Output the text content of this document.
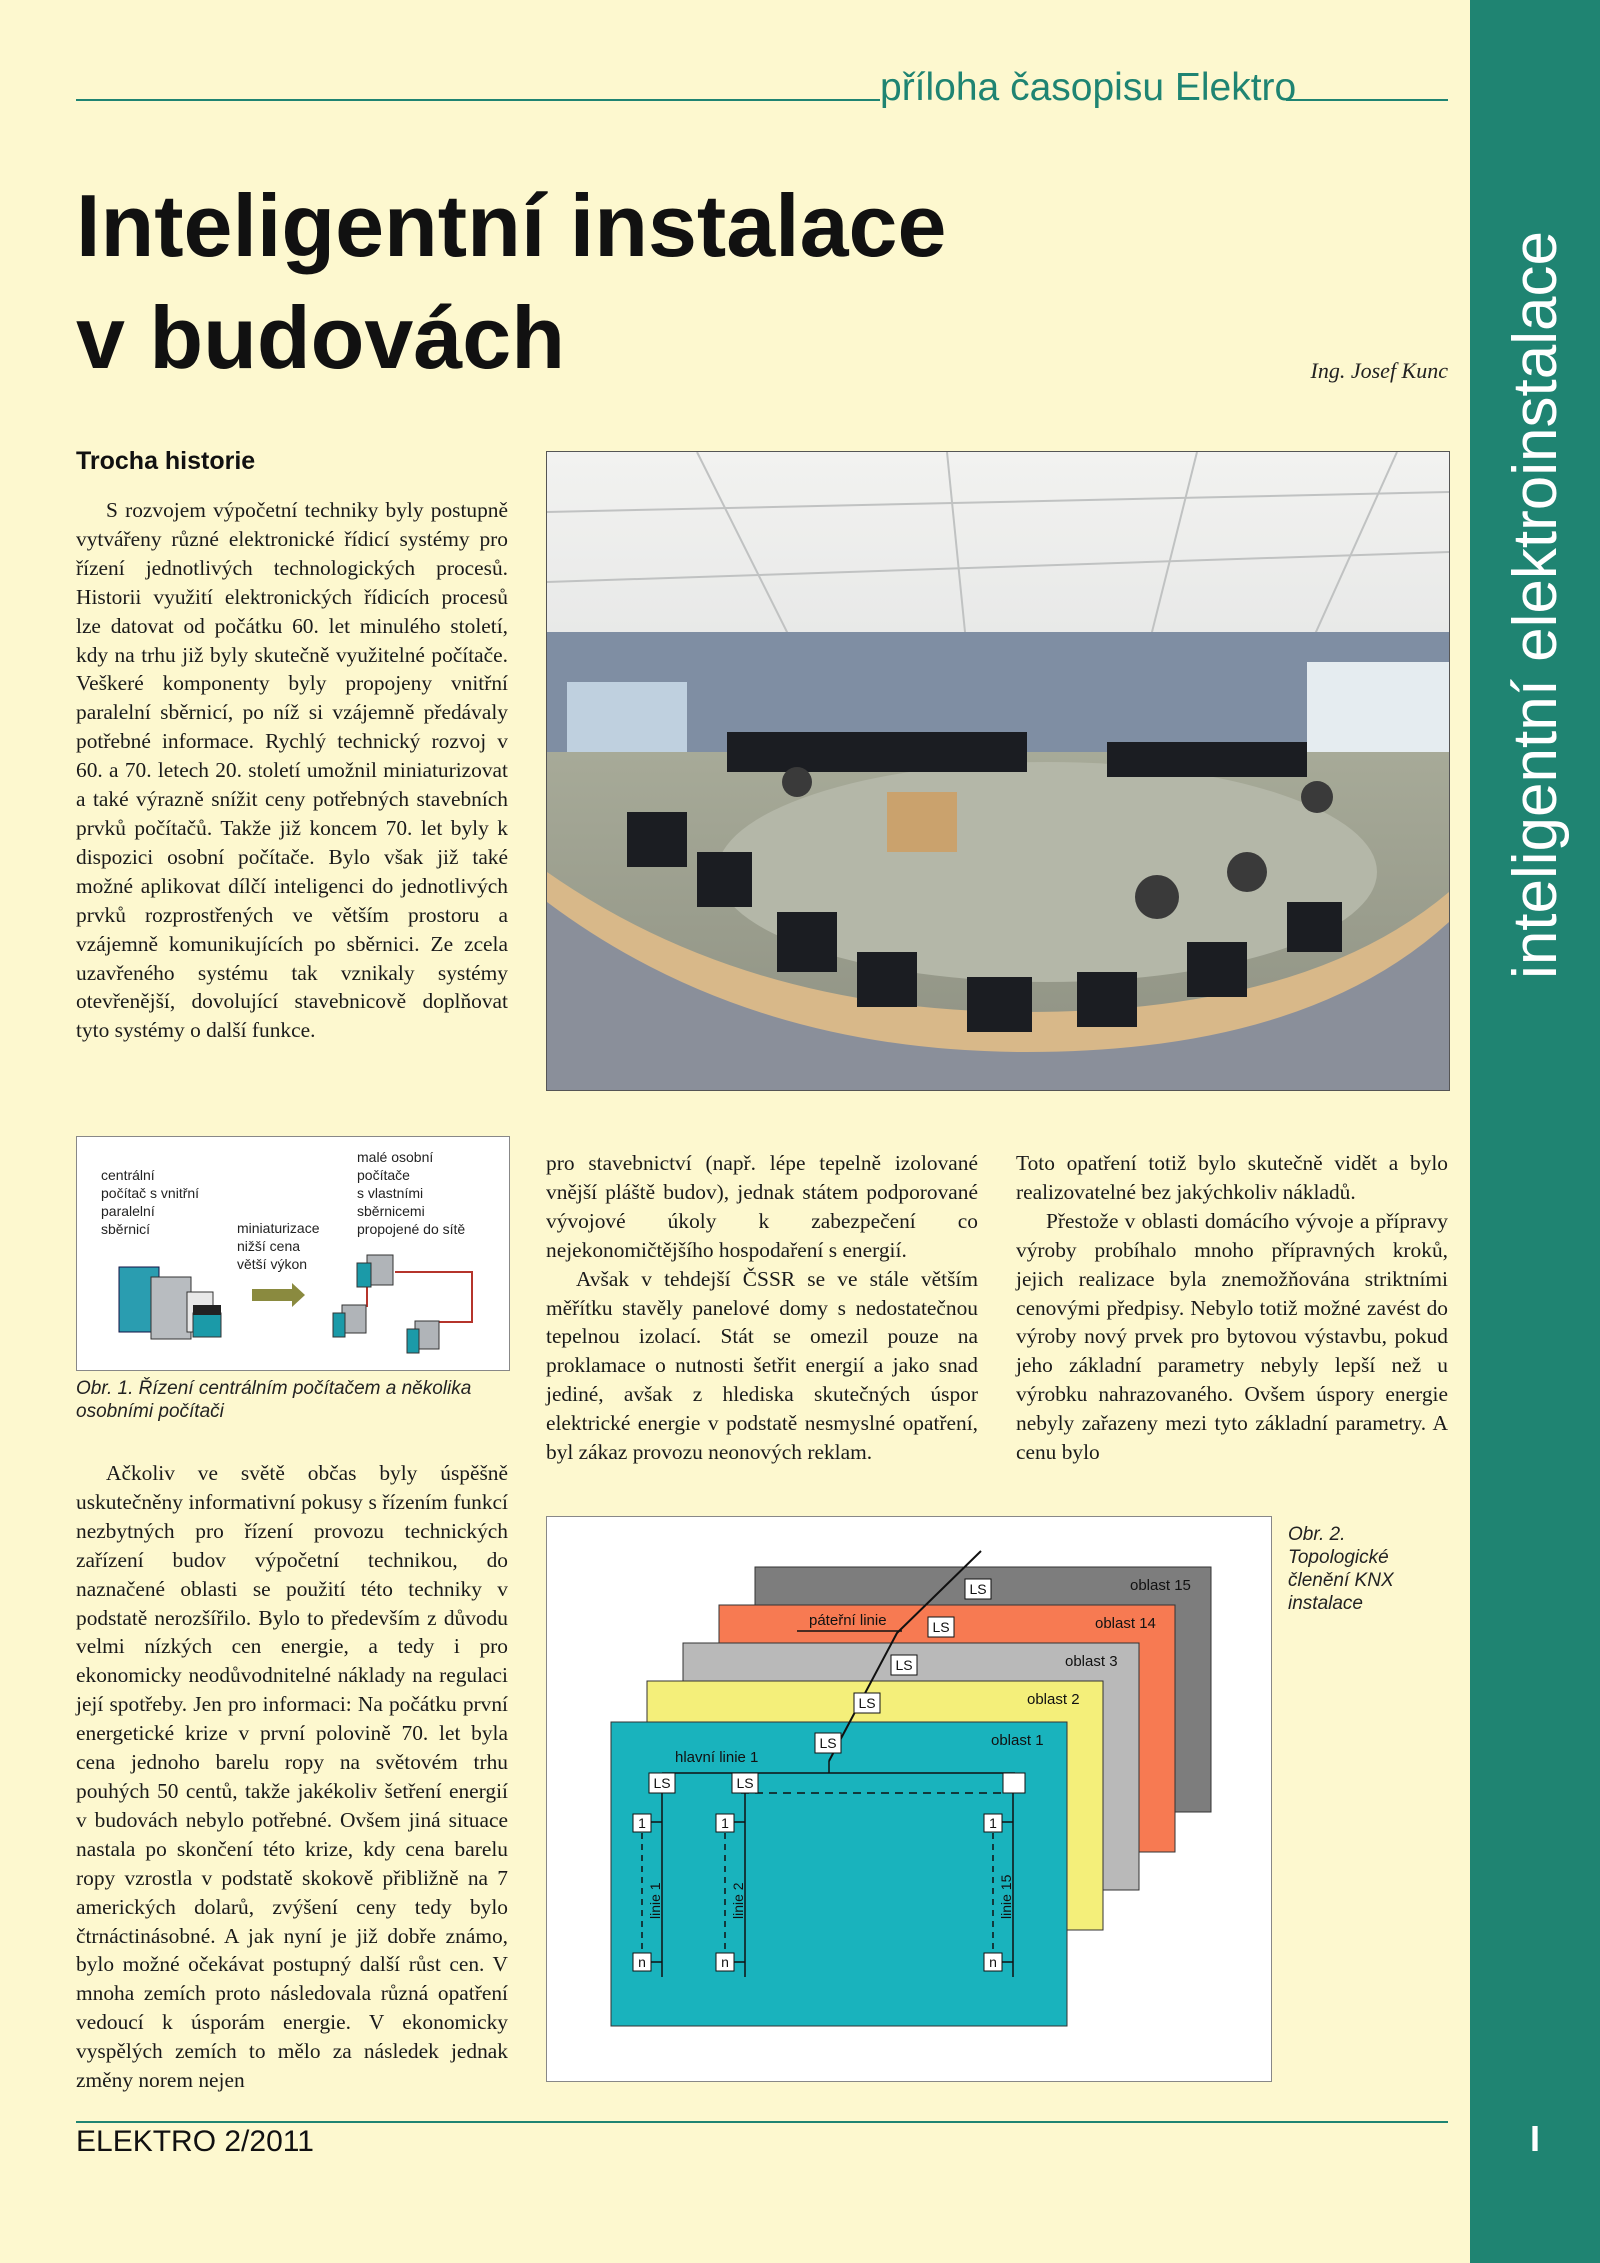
inteligentní elektroinstalace
I
příloha časopisu Elektro
Inteligentní instalace
v budovách	Ing. Josef Kunc
Trocha historie

S rozvojem výpočetní techniky byly postupně vytvářeny různé elektronické řídicí systémy pro řízení jednotlivých technologických procesů. Historii využití elektronických řídicích procesů lze datovat od počátku 60. let minulého století, kdy na trhu již byly skutečně využitelné počítače. Veškeré komponenty byly propojeny vnitřní paralelní sběrnicí, po níž si vzájemně předávaly potřebné informace. Rychlý technický rozvoj v 60. a 70. letech 20. století umožnil miniaturizovat a také výrazně snížit ceny potřebných stavebních prvků počítačů. Takže již koncem 70. let byly k dispozici osobní počítače. Bylo však již také možné aplikovat dílčí inteligenci do jednotlivých prvků rozprostřených ve větším prostoru a vzájemně komunikujících po sběrnici. Ze zcela uzavřeného systému tak vznikaly systémy otevřenější, dovolující stavebnicově doplňovat tyto systémy o další funkce.

centrální
počítač s vnitřní
paralelní
sběrnicí	miniaturizace
nižší cena
větší výkon
malé osobní
počítače
s vlastními
sběrnicemi
propojené do sítě
Obr. 1. Řízení centrálním počítačem a několika osobními počítači

Ačkoliv ve světě občas byly úspěšně uskutečněny informativní pokusy s řízením funkcí nezbytných pro řízení provozu technických zařízení budov výpočetní technikou, do naznačené oblasti se použití této techniky v podstatě nerozšířilo. Bylo to především z důvodu velmi nízkých cen energie, a tedy i pro ekonomicky neodůvodnitelné náklady na regulaci její spotřeby. Jen pro informaci: Na počátku první energetické krize v první polovině 70. let byla cena jednoho barelu ropy na světovém trhu pouhých 50 centů, takže jakékoliv šetření energií v budovách nebylo potřebné. Ovšem jiná situace nastala po skončení této krize, kdy cena barelu ropy vzrostla v podstatě skokově přibližně na 7 amerických dolarů, zvýšení ceny tedy bylo čtrnáctinásobné. A jak nyní je již dobře známo, bylo možné očekávat postupný další růst cen. V mnoha zemích proto následovala různá opatření vedoucí k úsporám energie. V ekonomicky vyspělých zemích to mělo za následek jednak změny norem nejen

pro stavebnictví (např. lépe tepelně izolované vnější pláště budov), jednak státem podporované vývojové úkoly k zabezpečení co nejekonomičtějšího hospodaření s energií.

Avšak v tehdejší ČSSR se ve stále větším měřítku stavěly panelové domy s nedostatečnou tepelnou izolací. Stát se omezil pouze na proklamace o nutnosti šetřit energií a jako snad jediné, avšak z hlediska skutečných úspor elektrické energie v podstatě nesmyslné opatření, byl zákaz provozu neonových reklam.

Toto opatření totiž bylo skutečně vidět a bylo realizovatelné bez jakýchkoliv nákladů.

Přestože v oblasti domácího vývoje a přípravy výroby probíhalo mnoho přípravných kroků, jejich realizace byla znemožňována striktními cenovými předpisy. Nebylo totiž možné zavést do výroby nový prvek pro bytovou výstavbu, pokud jeho základní parametry nebyly lepší než u výrobku nahrazovaného. Ovšem úspory energie nebyly zařazeny mezi tyto základní parametry. A cenu bylo

oblast 15
oblast 14
oblast 3
oblast 2
oblast 1
páteřní linie
hlavní linie 1
LS
LS
LS
LS
LS
LS	LS
1	1	1
n	n	n
linie 1	linie 2	linie 15
Obr. 2. Topologické členění KNX instalace
ELEKTRO 2/2011
